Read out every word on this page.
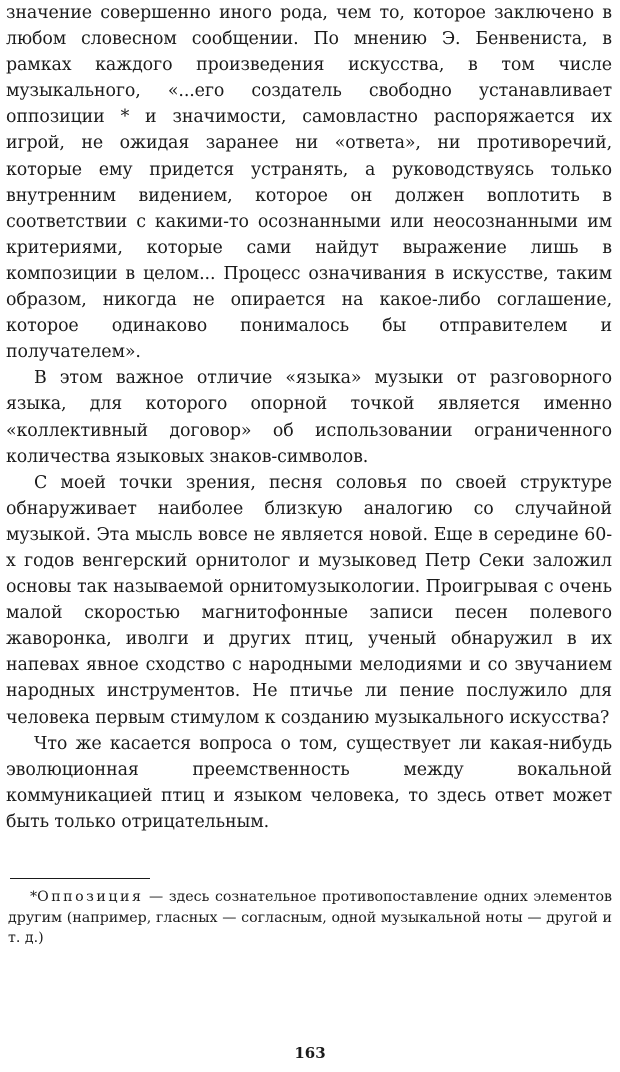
значение совершенно иного рода, чем то, которое заключено в любом словесном сообщении. По мнению Э. Бенвениста, в рамках каждого произведения искусства, в том числе музыкального, «...его создатель свободно устанавливает оппозиции * и значимости, самовластно распоряжается их игрой, не ожидая заранее ни «ответа», ни противоречий, которые ему придется устранять, а руководствуясь только внутренним видением, которое он должен воплотить в соответствии с какими-то осознанными или неосознанными им критериями, которые сами найдут выражение лишь в композиции в целом... Процесс означивания в искусстве, таким образом, никогда не опирается на какое-либо соглашение, которое одинаково понималось бы отправителем и получателем».

В этом важное отличие «языка» музыки от разговорного языка, для которого опорной точкой является именно «коллективный договор» об использовании ограниченного количества языковых знаков-символов.

С моей точки зрения, песня соловья по своей структуре обнаруживает наиболее близкую аналогию со случайной музыкой. Эта мысль вовсе не является новой. Еще в середине 60-х годов венгерский орнитолог и музыковед Петр Секи заложил основы так называемой орнитомузыкологии. Проигрывая с очень малой скоростью магнитофонные записи песен полевого жаворонка, иволги и других птиц, ученый обнаружил в их напевах явное сходство с народными мелодиями и со звучанием народных инструментов. Не птичье ли пение послужило для человека первым стимулом к созданию музыкального искусства?

Что же касается вопроса о том, существует ли какая-нибудь эволюционная преемственность между вокальной коммуникацией птиц и языком человека, то здесь ответ может быть только отрицательным.

*Оппозиция — здесь сознательное противопоставление одних элементов другим (например, гласных — согласным, одной музыкальной ноты — другой и т. д.)

163
